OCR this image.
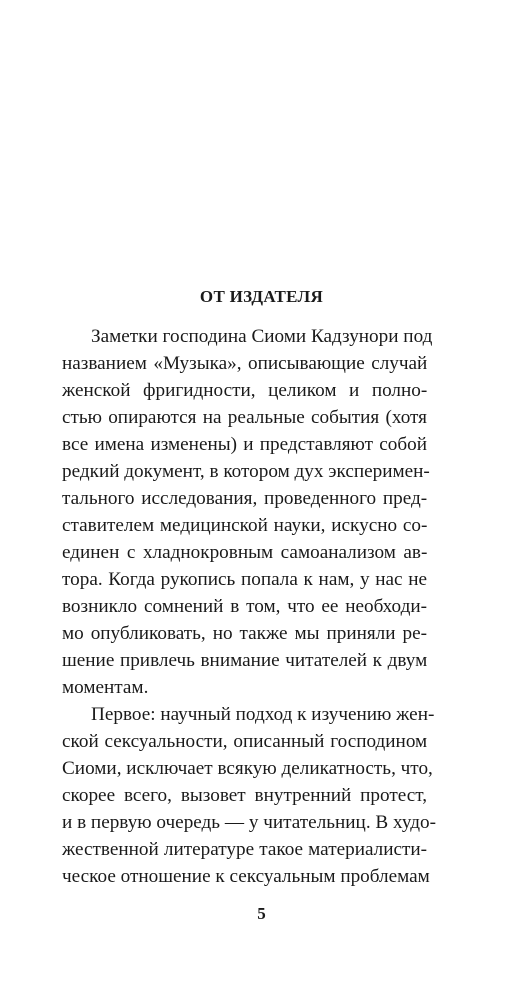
ОТ ИЗДАТЕЛЯ
Заметки господина Сиоми Кадзунори под
названием «Музыка», описывающие случай
женской фригидности, целиком и полно-
стью опираются на реальные события (хотя
все имена изменены) и представляют собой
редкий документ, в котором дух эксперимен-
тального исследования, проведенного пред-
ставителем медицинской науки, искусно со-
единен с хладнокровным самоанализом ав-
тора. Когда рукопись попала к нам, у нас не
возникло сомнений в том, что ее необходи-
мо опубликовать, но также мы приняли ре-
шение привлечь внимание читателей к двум
моментам.
Первое: научный подход к изучению жен-
ской сексуальности, описанный господином
Сиоми, исключает всякую деликатность, что,
скорее всего, вызовет внутренний протест,
и в первую очередь — у читательниц. В худо-
жественной литературе такое материалисти-
ческое отношение к сексуальным проблемам
5
